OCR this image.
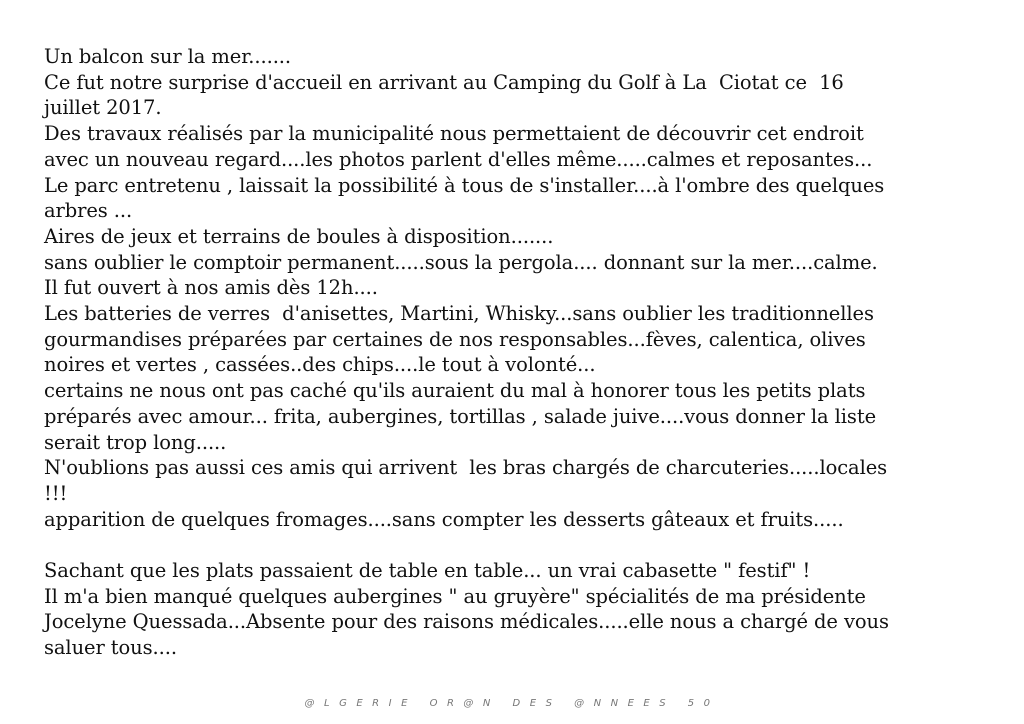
Un balcon sur la mer.......
Ce fut notre surprise d'accueil en arrivant au Camping du Golf à La  Ciotat ce  16
juillet 2017.
Des travaux réalisés par la municipalité nous permettaient de découvrir cet endroit
avec un nouveau regard....les photos parlent d'elles même.....calmes et reposantes...
Le parc entretenu , laissait la possibilité à tous de s'installer....à l'ombre des quelques
arbres ...
Aires de jeux et terrains de boules à disposition.......
sans oublier le comptoir permanent.....sous la pergola.... donnant sur la mer....calme.
Il fut ouvert à nos amis dès 12h....
Les batteries de verres  d'anisettes, Martini, Whisky...sans oublier les traditionnelles
gourmandises préparées par certaines de nos responsables...fèves, calentica, olives
noires et vertes , cassées..des chips....le tout à volonté...
certains ne nous ont pas caché qu'ils auraient du mal à honorer tous les petits plats
préparés avec amour... frita, aubergines, tortillas , salade juive....vous donner la liste
serait trop long.....
N'oublions pas aussi ces amis qui arrivent  les bras chargés de charcuteries.....locales
!!!
apparition de quelques fromages....sans compter les desserts gâteaux et fruits.....
Sachant que les plats passaient de table en table... un vrai cabasette " festif" !
Il m'a bien manqué quelques aubergines " au gruyère" spécialités de ma présidente
Jocelyne Quessada...Absente pour des raisons médicales.....elle nous a chargé de vous
saluer tous....
@LGERIE OR@N DES @NNEES 50
